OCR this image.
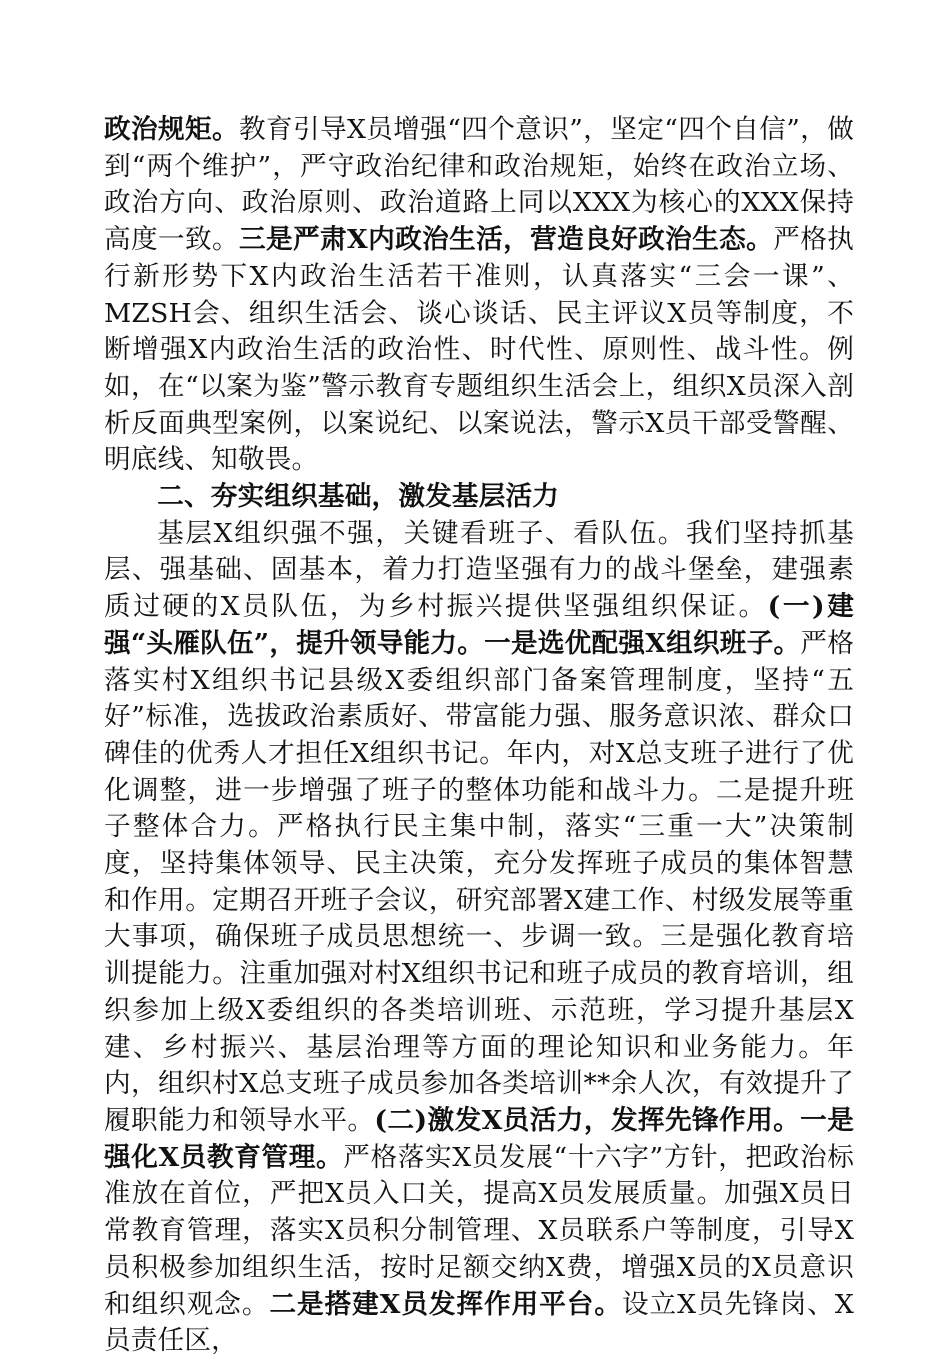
政治规矩。教育引导X员增强“四个意识”，坚定“四个自信”，做到“两个维护”，严守政治纪律和政治规矩，始终在政治立场、政治方向、政治原则、政治道路上同以XXX为核心的XXX保持高度一致。三是严肃X内政治生活，营造良好政治生态。严格执行新形势下X内政治生活若干准则，认真落实“三会一课”、MZSH会、组织生活会、谈心谈话、民主评议X员等制度，不断增强X内政治生活的政治性、时代性、原则性、战斗性。例如，在“以案为鉴”警示教育专题组织生活会上，组织X员深入剖析反面典型案例，以案说纪、以案说法，警示X员干部受警醒、明底线、知敬畏。

二、夯实组织基础，激发基层活力

基层X组织强不强，关键看班子、看队伍。我们坚持抓基层、强基础、固基本，着力打造坚强有力的战斗堡垒，建强素质过硬的X员队伍，为乡村振兴提供坚强组织保证。(一)建强“头雁队伍”，提升领导能力。一是选优配强X组织班子。严格落实村X组织书记县级X委组织部门备案管理制度，坚持“五好”标准，选拔政治素质好、带富能力强、服务意识浓、群众口碑佳的优秀人才担任X组织书记。年内，对X总支班子进行了优化调整，进一步增强了班子的整体功能和战斗力。二是提升班子整体合力。严格执行民主集中制，落实“三重一大”决策制度，坚持集体领导、民主决策，充分发挥班子成员的集体智慧和作用。定期召开班子会议，研究部署X建工作、村级发展等重大事项，确保班子成员思想统一、步调一致。三是强化教育培训提能力。注重加强对村X组织书记和班子成员的教育培训，组织参加上级X委组织的各类培训班、示范班，学习提升基层X建、乡村振兴、基层治理等方面的理论知识和业务能力。年内，组织村X总支班子成员参加各类培训**余人次，有效提升了履职能力和领导水平。(二)激发X员活力，发挥先锋作用。一是强化X员教育管理。严格落实X员发展“十六字”方针，把政治标准放在首位，严把X员入口关，提高X员发展质量。加强X员日常教育管理，落实X员积分制管理、X员联系户等制度，引导X员积极参加组织生活，按时足额交纳X费，增强X员的X员意识和组织观念。二是搭建X员发挥作用平台。设立X员先锋岗、X员责任区，
